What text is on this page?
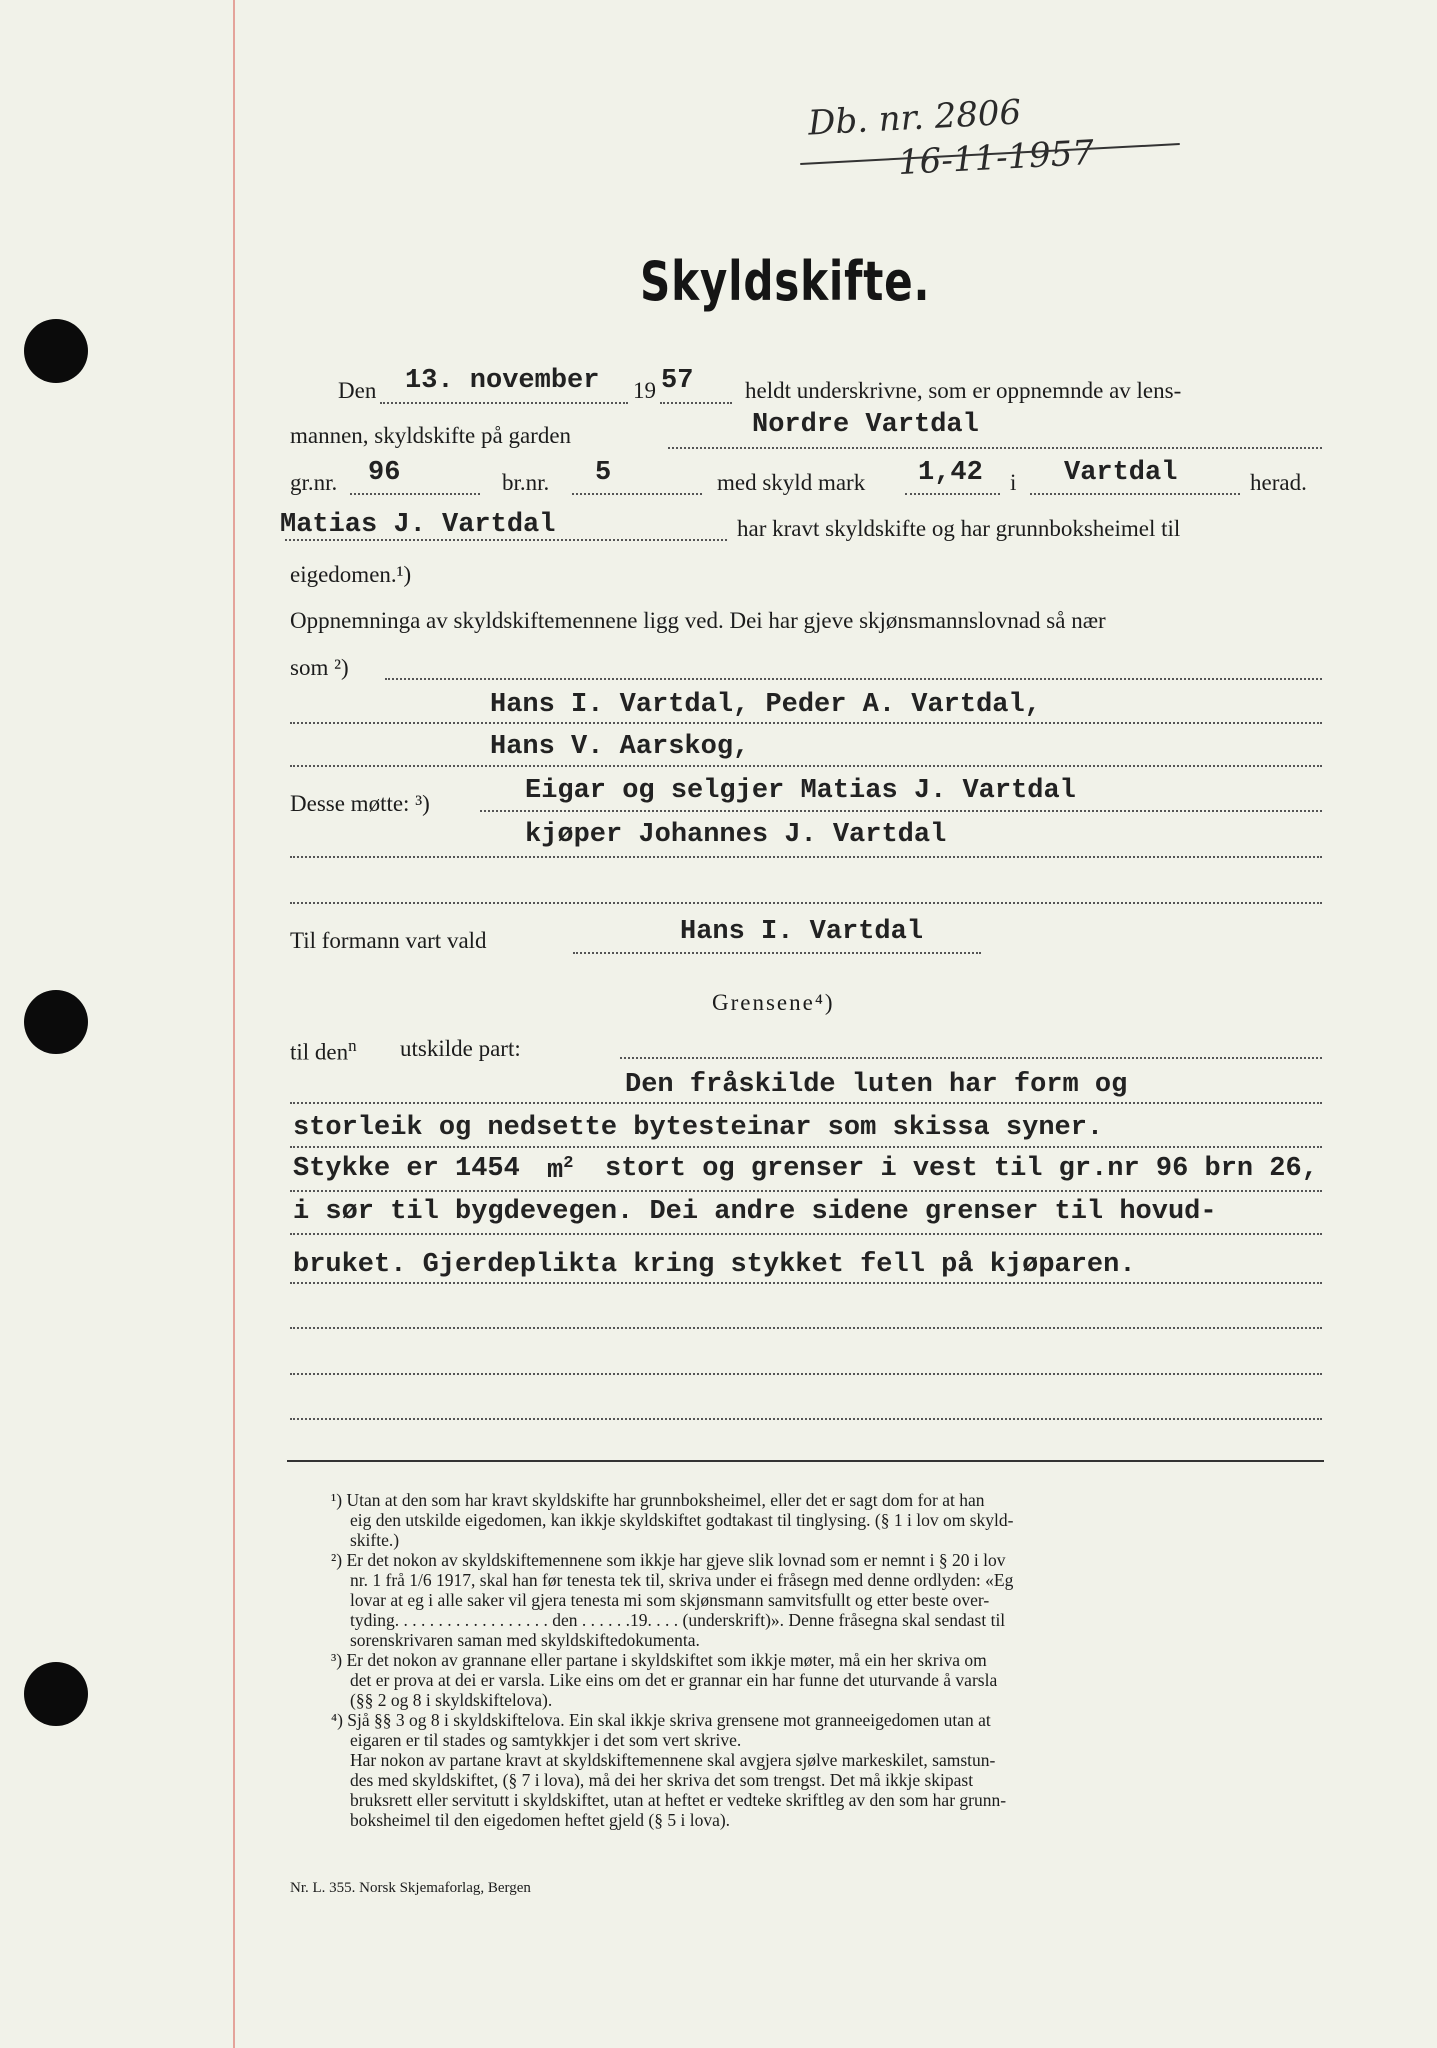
Db. nr. 2806
16-11-1957
Skyldskifte.
Den 13. november 19 57 heldt underskrivne, som er oppnemnde av lens-
mannen, skyldskifte på garden	Nordre Vartdal
gr.nr. 96	br.nr. 5	med skyld mark 1,42 i Vartdal	herad.
Matias J. Vartdal	har kravt skyldskifte og har grunnboksheimel til
eigedomen.¹)
Oppnemninga av skyldskiftemennene ligg ved. Dei har gjeve skjønsmannslovnad så nær
som ²)
Hans I. Vartdal, Peder A. Vartdal,
Hans V. Aarskog,
Desse møtte: ³)	Eigar og selgjer Matias J. Vartdal
kjøper Johannes J. Vartdal
Til formann vart vald	Hans I. Vartdal
Grensene⁴)
til den$^n$ utskilde part:
Den fråskilde luten har form og
storleik og nedsette bytesteinar som skissa syner.
Stykke er 1454 $m^2$ stort og grenser i vest til gr.nr 96 brn 26,
i sør til bygdevegen. Dei andre sidene grenser til hovud-
bruket. Gjerdeplikta kring stykket fell på kjøparen.
¹) Utan at den som har kravt skyldskifte har grunnboksheimel, eller det er sagt dom for at han
eig den utskilde eigedomen, kan ikkje skyldskiftet godtakast til tinglysing. (§ 1 i lov om skyld-
skifte.)
²) Er det nokon av skyldskiftemennene som ikkje har gjeve slik lovnad som er nemnt i § 20 i lov
nr. 1 frå 1/6 1917, skal han før tenesta tek til, skriva under ei fråsegn med denne ordlyden: «Eg
lovar at eg i alle saker vil gjera tenesta mi som skjønsmann samvitsfullt og etter beste over-
tyding. . . . . . . . . . . . . . . . . . den . . . . . .19. . . . (underskrift)». Denne fråsegna skal sendast til
sorenskrivaren saman med skyldskiftedokumenta.
³) Er det nokon av grannane eller partane i skyldskiftet som ikkje møter, må ein her skriva om
det er prova at dei er varsla. Like eins om det er grannar ein har funne det uturvande å varsla
(§§ 2 og 8 i skyldskiftelova).
⁴) Sjå §§ 3 og 8 i skyldskiftelova. Ein skal ikkje skriva grensene mot granneeigedomen utan at
eigaren er til stades og samtykkjer i det som vert skrive.
Har nokon av partane kravt at skyldskiftemennene skal avgjera sjølve markeskilet, samstun-
des med skyldskiftet, (§ 7 i lova), må dei her skriva det som trengst. Det må ikkje skipast
bruksrett eller servitutt i skyldskiftet, utan at heftet er vedteke skriftleg av den som har grunn-
boksheimel til den eigedomen heftet gjeld (§ 5 i lova).
Nr. L. 355. Norsk Skjemaforlag, Bergen
